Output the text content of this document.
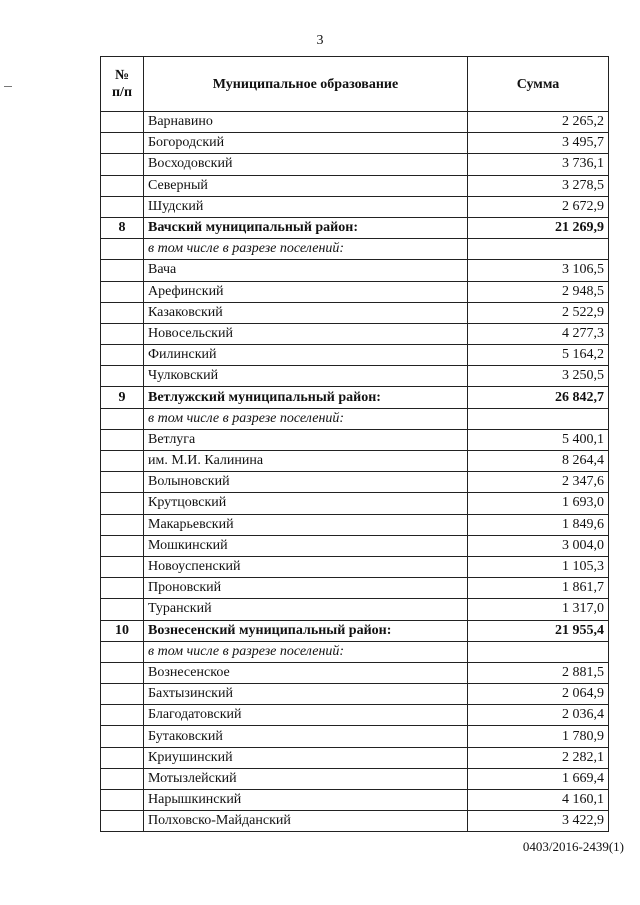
3
№
п/п	Муниципальное образование	Сумма
	Варнавино	2 265,2
	Богородский	3 495,7
	Восходовский	3 736,1
	Северный	3 278,5
	Шудский	2 672,9
8	Вачский муниципальный район:	21 269,9
	в том числе в разрезе поселений:	
	Вача	3 106,5
	Арефинский	2 948,5
	Казаковский	2 522,9
	Новосельский	4 277,3
	Филинский	5 164,2
	Чулковский	3 250,5
9	Ветлужский муниципальный район:	26 842,7
	в том числе в разрезе поселений:	
	Ветлуга	5 400,1
	им. М.И. Калинина	8 264,4
	Волыновский	2 347,6
	Крутцовский	1 693,0
	Макарьевский	1 849,6
	Мошкинский	3 004,0
	Новоуспенский	1 105,3
	Проновский	1 861,7
	Туранский	1 317,0
10	Вознесенский муниципальный район:	21 955,4
	в том числе в разрезе поселений:	
	Вознесенское	2 881,5
	Бахтызинский	2 064,9
	Благодатовский	2 036,4
	Бутаковский	1 780,9
	Криушинский	2 282,1
	Мотызлейский	1 669,4
	Нарышкинский	4 160,1
	Полховско-Майданский	3 422,9
0403/2016-2439(1)
